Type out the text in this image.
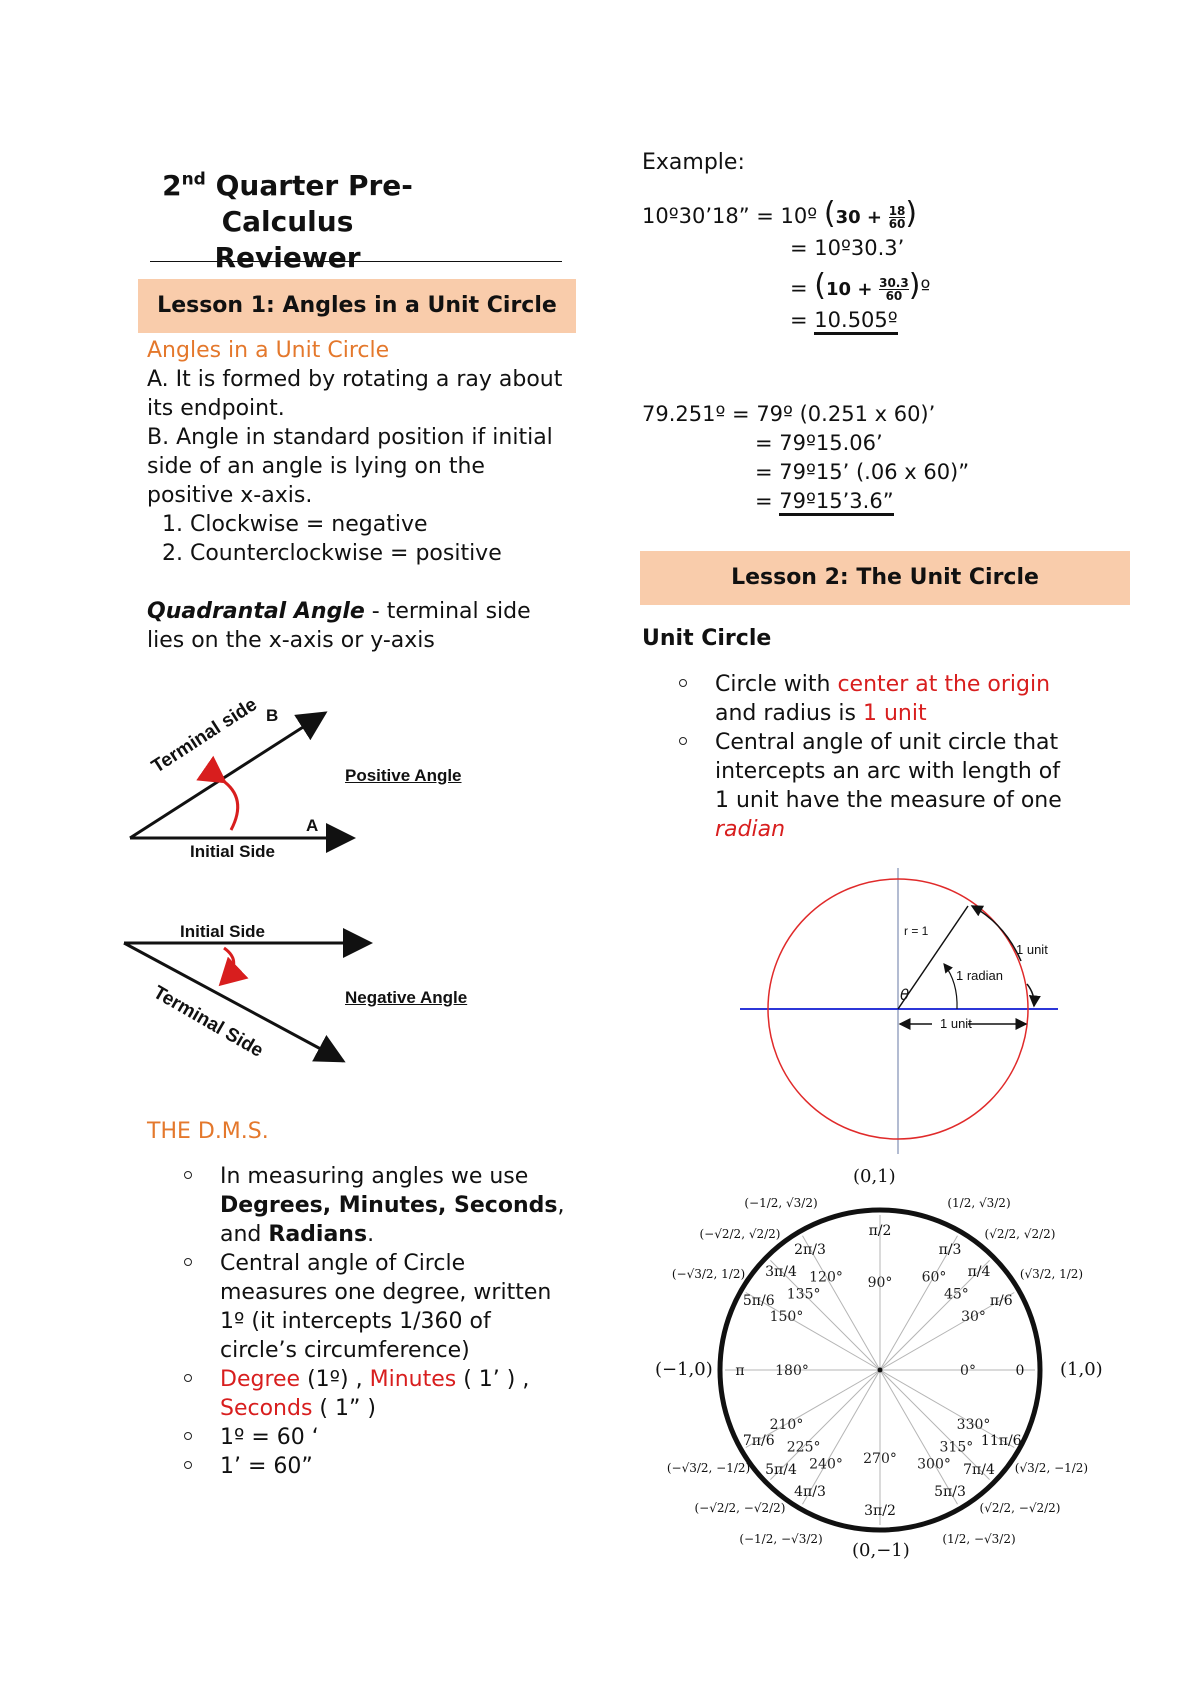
2nd Quarter Pre-Calculus Reviewer
Lesson 1: Angles in a Unit Circle
Angles in a Unit Circle
A. It is formed by rotating a ray about its endpoint.
B. Angle in standard position if initial side of an angle is lying on the positive x-axis.
1. Clockwise = negative
2. Counterclockwise = positive
Quadrantal Angle - terminal side lies on the x-axis or y-axis
B
A
Terminal side
Initial Side
Positive Angle
Initial Side
Terminal Side	Negative Angle
THE D.M.S.
In measuring angles we use Degrees, Minutes, Seconds, and Radians.
Central angle of Circle measures one degree, written 1º (it intercepts 1/360 of circle’s circumference)
Degree (1º) , Minutes ( 1’ ) ,
Seconds ( 1” )
1º = 60 ‘
1’ = 60”
Example:
10º30’18” = 10º ($30 + \frac{18}{60}$ )
= 10º30.3’
= ($10 + \frac{30.3}{60}$ )º
= 10.505º
79.251º = 79º (0.251 x 60)’
= 79º15.06’
= 79º15’ (.06 x 60)”
= 79º15’3.6”
Lesson 2: The Unit Circle
Unit Circle
Circle with center at the origin and radius is 1 unit
Central angle of unit circle that intercepts an arc with length of 1 unit have the measure of one radian
r = 1
1 radian
1 unit
θ
1 unit
0°	0
30°
π/6
45°
π/4
60°
π/3
90°
π/2
120°
2π/3
135°
3π/4
150°
5π/6
180°
π
210°
7π/6 225°
5π/4 240°
4π/3
270°
3π/2
300°
5π/3
315°
7π/4
330°
11π/6
(√3/2, 1/2)
(√2/2, √2/2)
(1/2, √3/2)
(−1/2, √3/2)
(−√2/2, √2/2)
(−√3/2, 1/2)
(−√3/2, −1/2)
(−√2/2, −√2/2)
(−1/2, −√3/2)	(1/2, −√3/2)
(√2/2, −√2/2)
(√3/2, −1/2)
(0,1)
(0,−1)
(−1,0)	(1,0)
